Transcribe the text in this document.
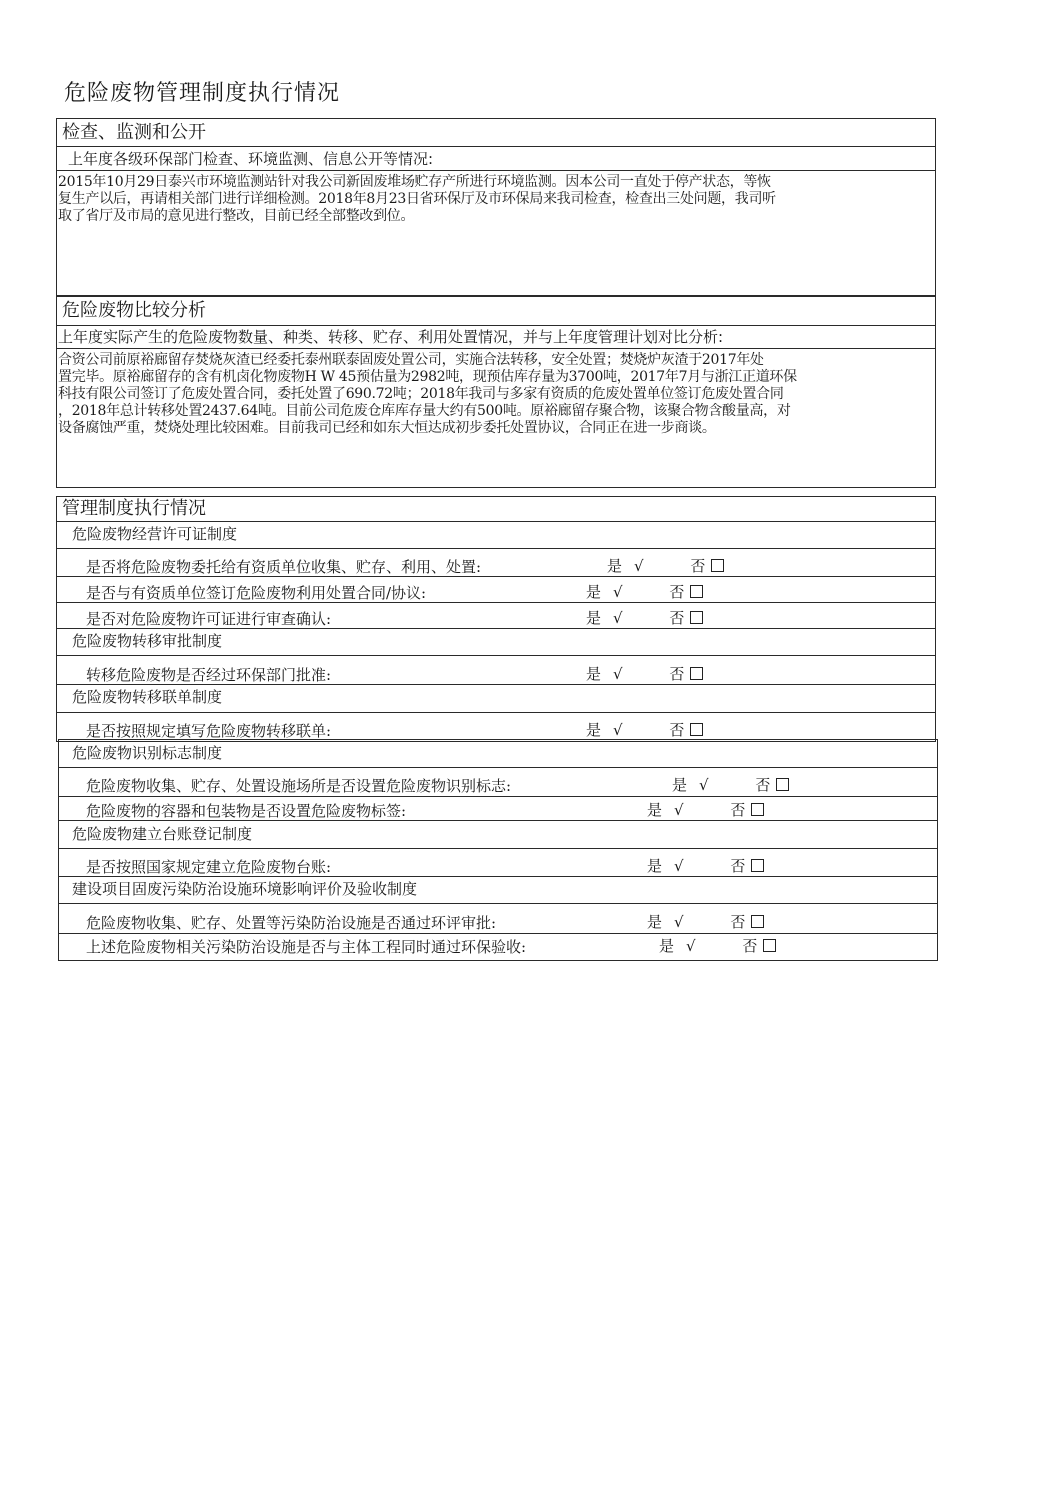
危险废物管理制度执行情况
检查、监测和公开
上年度各级环保部门检查、环境监测、信息公开等情况:
2015年10月29日泰兴市环境监测站针对我公司新固废堆场贮存产所进行环境监测。因本公司一直处于停产状态，等恢
复生产以后，再请相关部门进行详细检测。2018年8月23日省环保厅及市环保局来我司检查，检查出三处问题，我司听
取了省厅及市局的意见进行整改，目前已经全部整改到位。
危险废物比较分析
上年度实际产生的危险废物数量、种类、转移、贮存、利用处置情况，并与上年度管理计划对比分析:
合资公司前原裕廊留存焚烧灰渣已经委托泰州联泰固废处置公司，实施合法转移，安全处置；焚烧炉灰渣于2017年处
置完毕。原裕廊留存的含有机卤化物废物H W 45预估量为2982吨，现预估库存量为3700吨，2017年7月与浙江正道环保
科技有限公司签订了危废处置合同，委托处置了690.72吨；2018年我司与多家有资质的危废处置单位签订危废处置合同
，2018年总计转移处置2437.64吨。目前公司危废仓库库存量大约有500吨。原裕廊留存聚合物，该聚合物含酸量高，对
设备腐蚀严重，焚烧处理比较困难。目前我司已经和如东大恒达成初步委托处置协议，合同正在进一步商谈。
管理制度执行情况
危险废物经营许可证制度
是否将危险废物委托给有资质单位收集、贮存、利用、处置:	是 √	否
是否与有资质单位签订危险废物利用处置合同/协议:	是 √	否
是否对危险废物许可证进行审查确认:	是 √	否
危险废物转移审批制度
转移危险废物是否经过环保部门批准:	是 √	否
危险废物转移联单制度
是否按照规定填写危险废物转移联单:	是 √	否
危险废物识别标志制度
危险废物收集、贮存、处置设施场所是否设置危险废物识别标志:	是 √	否
危险废物的容器和包装物是否设置危险废物标签:	是 √	否
危险废物建立台账登记制度
是否按照国家规定建立危险废物台账:	是 √	否
建设项目固废污染防治设施环境影响评价及验收制度
危险废物收集、贮存、处置等污染防治设施是否通过环评审批:	是 √	否
上述危险废物相关污染防治设施是否与主体工程同时通过环保验收:	是 √	否
